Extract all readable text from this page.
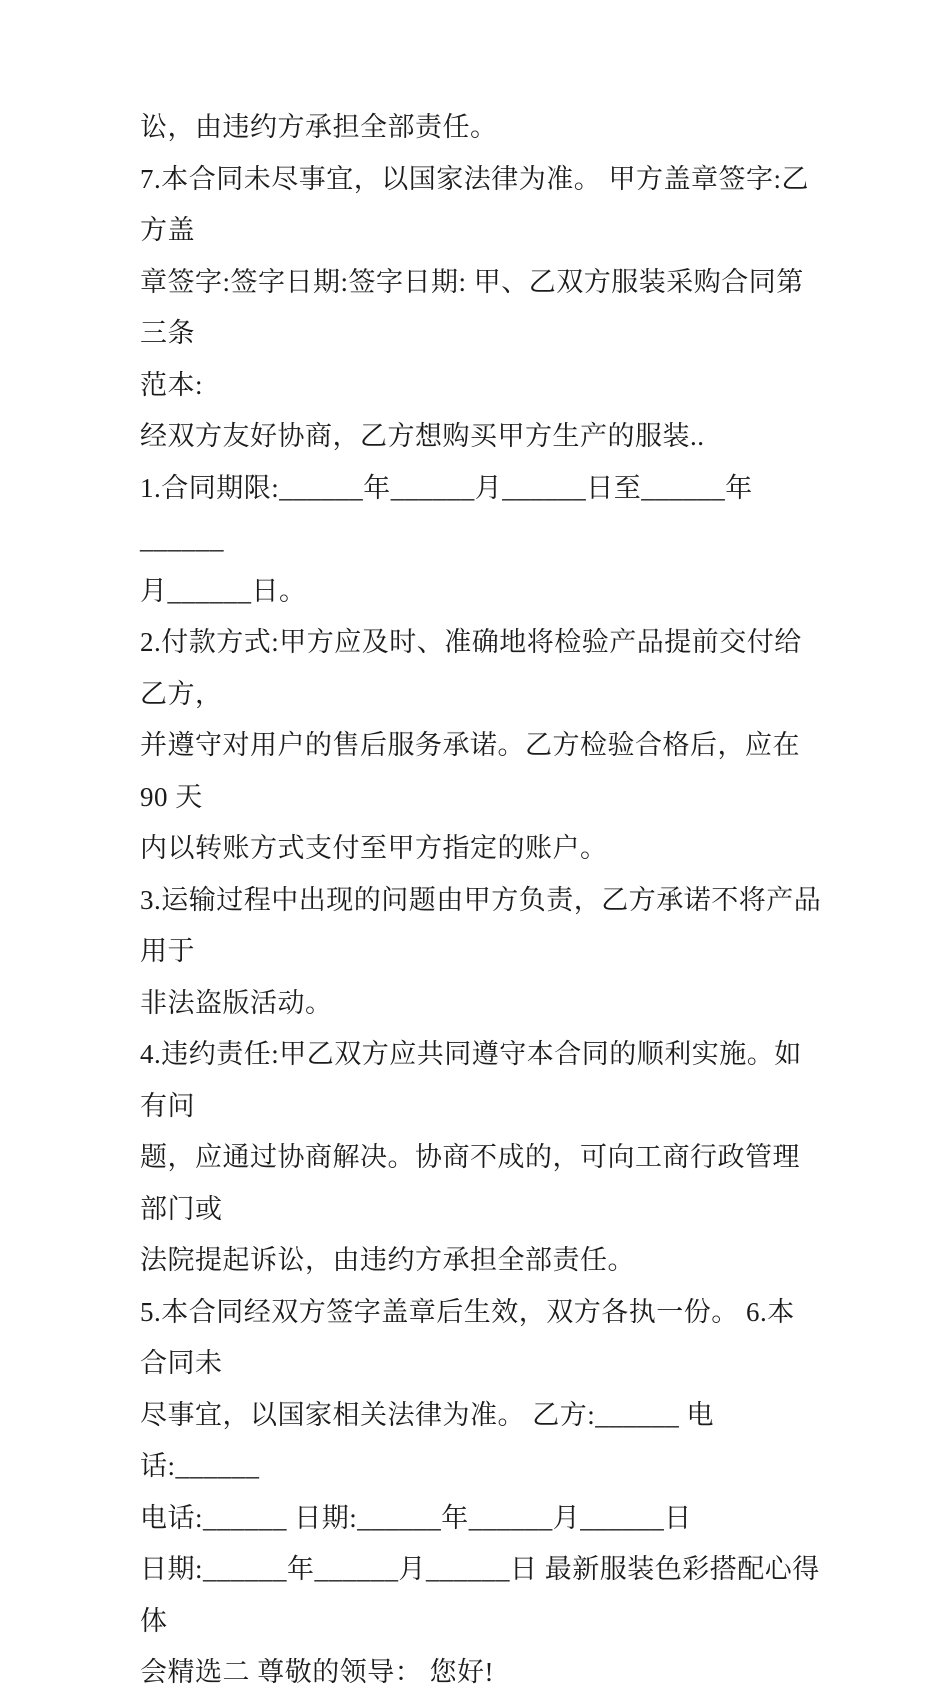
讼，由违约方承担全部责任。
7.本合同未尽事宜，以国家法律为准。 甲方盖章签字:乙方盖
章签字:签字日期:签字日期: 甲、乙双方服装采购合同第三条
范本:
经双方友好协商，乙方想购买甲方生产的服装..
1.合同期限:______年______月______日至______年______
月______日。
2.付款方式:甲方应及时、准确地将检验产品提前交付给乙方，
并遵守对用户的售后服务承诺。乙方检验合格后，应在 90 天
内以转账方式支付至甲方指定的账户。
3.运输过程中出现的问题由甲方负责，乙方承诺不将产品用于
非法盗版活动。
4.违约责任:甲乙双方应共同遵守本合同的顺利实施。如有问
题，应通过协商解决。协商不成的，可向工商行政管理部门或
法院提起诉讼，由违约方承担全部责任。
5.本合同经双方签字盖章后生效，双方各执一份。 6.本合同未
尽事宜，以国家相关法律为准。 乙方:______ 电话:______
电话:______ 日期:______年______月______日
日期:______年______月______日 最新服装色彩搭配心得体
会精选二 尊敬的领导： 您好!
